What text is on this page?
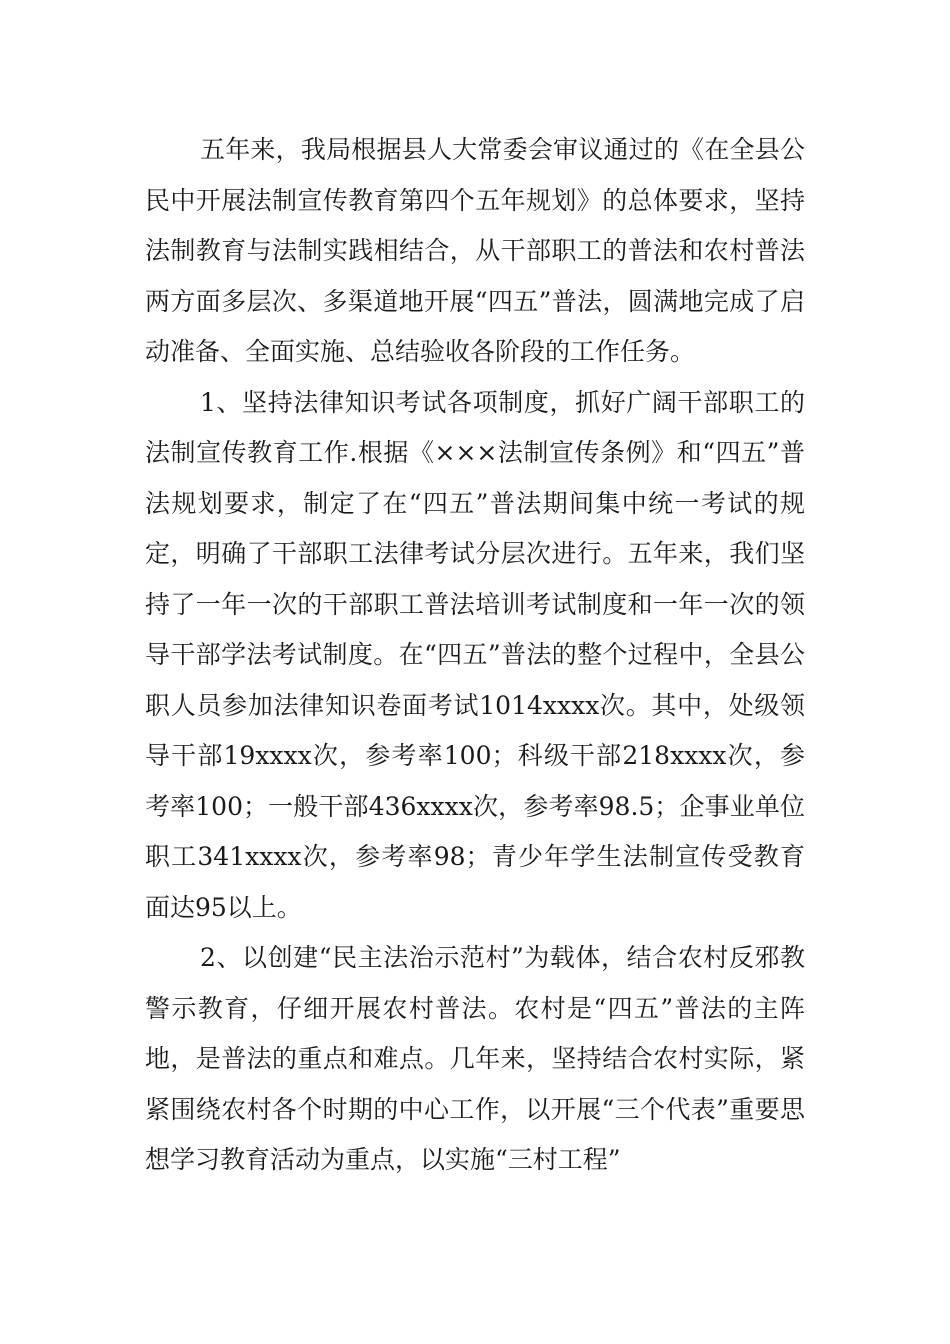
五年来，我局根据县人大常委会审议通过的《在全县公民中开展法制宣传教育第四个五年规划》的总体要求，坚持法制教育与法制实践相结合，从干部职工的普法和农村普法两方面多层次、多渠道地开展“四五”普法，圆满地完成了启动准备、全面实施、总结验收各阶段的工作任务。

1、坚持法律知识考试各项制度，抓好广阔干部职工的法制宣传教育工作.根据《×××法制宣传条例》和“四五”普法规划要求，制定了在“四五”普法期间集中统一考试的规定，明确了干部职工法律考试分层次进行。五年来，我们坚持了一年一次的干部职工普法培训考试制度和一年一次的领导干部学法考试制度。在“四五”普法的整个过程中，全县公职人员参加法律知识卷面考试1014xxxx次。其中，处级领导干部19xxxx次，参考率100；科级干部218xxxx次，参考率100；一般干部436xxxx次，参考率98.5；企事业单位职工341xxxx次，参考率98；青少年学生法制宣传受教育面达95以上。

2、以创建“民主法治示范村”为载体，结合农村反邪教警示教育，仔细开展农村普法。农村是“四五”普法的主阵地，是普法的重点和难点。几年来，坚持结合农村实际，紧紧围绕农村各个时期的中心工作，以开展“三个代表”重要思想学习教育活动为重点，以实施“三村工程”
